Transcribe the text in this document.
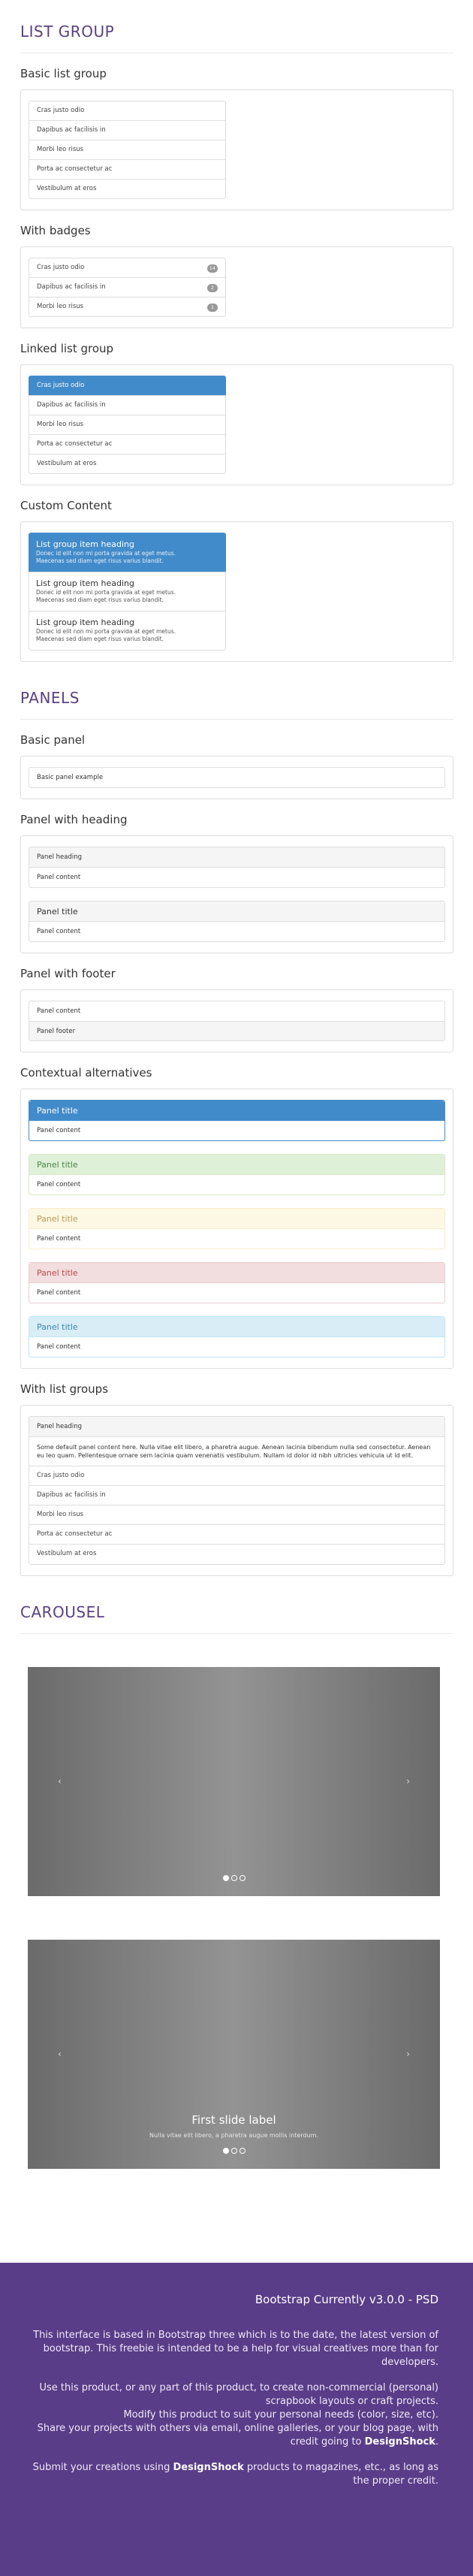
LIST GROUP
Basic list group
Cras justo odio
Dapibus ac facilisis in
Morbi leo risus
Porta ac consectetur ac
Vestibulum at eros
With badges
Cras justo odio	14
Dapibus ac facilisis in	2
Morbi leo risus	1
Linked list group
Cras justo odio
Dapibus ac facilisis in
Morbi leo risus
Porta ac consectetur ac
Vestibulum at eros
Custom Content
List group item heading
Donec id elit non mi porta gravida at eget metus.
Maecenas sed diam eget risus varius blandit.
List group item heading
Donec id elit non mi porta gravida at eget metus.
Maecenas sed diam eget risus varius blandit.
List group item heading
Donec id elit non mi porta gravida at eget metus.
Maecenas sed diam eget risus varius blandit.
PANELS
Basic panel
Basic panel example
Panel with heading
Panel heading
Panel content
Panel title
Panel content
Panel with footer
Panel content
Panel footer
Contextual alternatives
Panel title
Panel content
Panel title
Panel content
Panel title
Panel content
Panel title
Panel content
Panel title
Panel content
With list groups
Panel heading
Some default panel content here. Nulla vitae elit libero, a pharetra augue. Aenean lacinia bibendum nulla sed consectetur. Aenean eu leo quam. Pellentesque ornare sem lacinia quam venenatis vestibulum. Nullam id dolor id nibh ultricies vehicula ut id elit.
Cras justo odio
Dapibus ac facilisis in
Morbi leo risus
Porta ac consectetur ac
Vestibulum at eros
CAROUSEL
‹	›

‹	›
First slide label
Nulla vitae elit libero, a pharetra augue mollis interdum.

Bootstrap Currently v3.0.0 - PSD

This interface is based in Bootstrap three which is to the date, the latest version of bootstrap. This freebie is intended to be a help for visual creatives more than for developers.

Use this product, or any part of this product, to create non-commercial (personal) scrapbook layouts or craft projects.
Modify this product to suit your personal needs (color, size, etc).
Share your projects with others via email, online galleries, or your blog page, with credit going to DesignShock.

Submit your creations using DesignShock products to magazines, etc., as long as the proper credit.
